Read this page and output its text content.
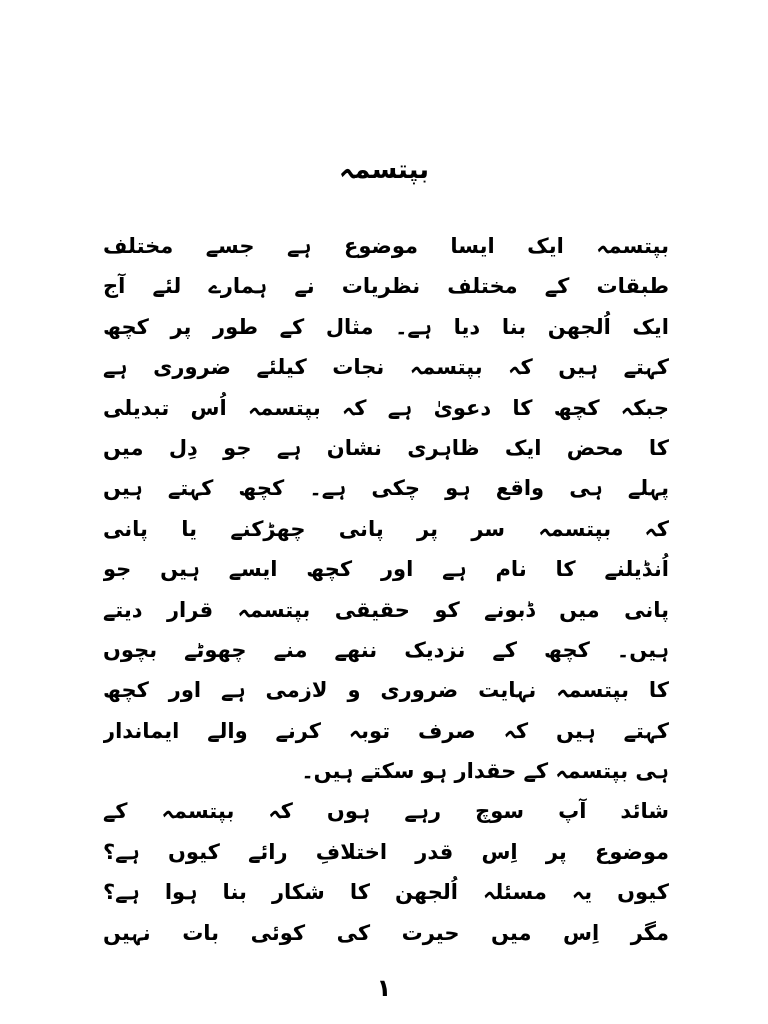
بپتسمہ
بپتسمہ ایک ایسا موضوع ہے جسے مختلف
طبقات کے مختلف نظریات نے ہمارے لئے آج
ایک اُلجھن بنا دیا ہے۔ مثال کے طور پر کچھ
کہتے ہیں کہ بپتسمہ نجات کیلئے ضروری ہے
جبکہ کچھ کا دعویٰ ہے کہ بپتسمہ اُس تبدیلی
کا محض ایک ظاہری نشان ہے جو دِل میں
پہلے ہی واقع ہو چکی ہے۔ کچھ کہتے ہیں
کہ بپتسمہ سر پر پانی چھڑکنے یا پانی
اُنڈیلنے کا نام ہے اور کچھ ایسے ہیں جو
پانی میں ڈبونے کو حقیقی بپتسمہ قرار دیتے
ہیں۔ کچھ کے نزدیک ننھے منے چھوٹے بچوں
کا بپتسمہ نہایت ضروری و لازمی ہے اور کچھ
کہتے ہیں کہ صرف توبہ کرنے والے ایماندار
ہی بپتسمہ کے حقدار ہو سکتے ہیں۔
شائد آپ سوچ رہے ہوں کہ بپتسمہ کے
موضوع پر اِس قدر اختلافِ رائے کیوں ہے؟
کیوں یہ مسئلہ اُلجھن کا شکار بنا ہوا ہے؟
مگر اِس میں حیرت کی کوئی بات نہیں
۱
